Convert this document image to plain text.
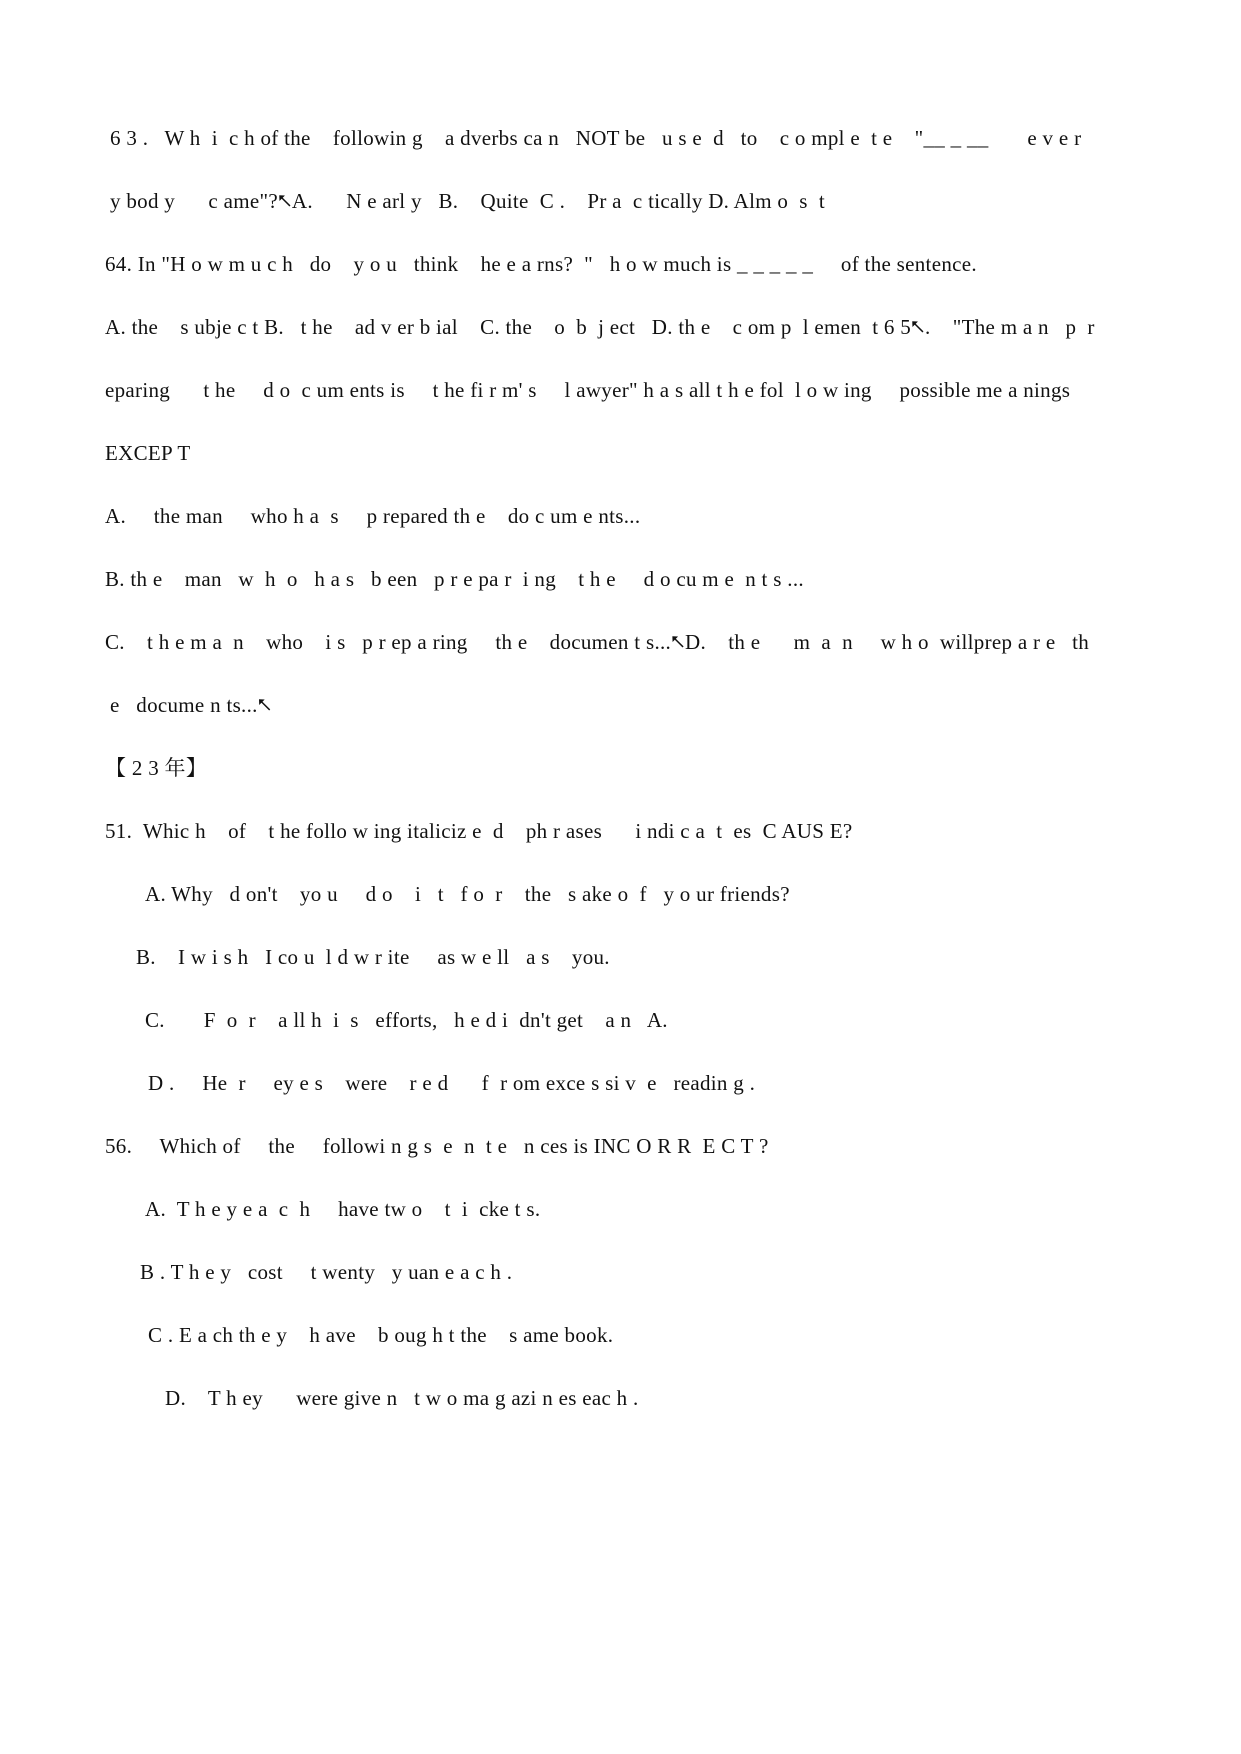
6 3 .   W h  i  c h of the    followin g    a dverbs ca n   NOT be   u s e  d   to    c o mpl e  t e    "__ _ __       e v e r
y bod y      c ame"?⭦A.      N e arl y   B.    Quite  C .    Pr a  c tically D. Alm o  s  t
64. In "H o w m u c h   do    y o u   think    he e a rns?  "   h o w much is _ _ _ _ _     of the sentence.
A. the    s ubje c t B.   t he    ad v er b ial    C. the    o  b  j ect   D. th e    c om p  l emen  t 6 5⭦.    "The m a n   p  r
eparing      t he     d o  c um ents is     t he fi r m' s     l awyer" h a s all t h e fol  l o w ing     possible me a nings
EXCEP T
A.     the man     who h a  s     p repared th e    do c um e nts...
B. th e    man   w  h  o   h a s   b een   p r e pa r  i ng    t h e     d o cu m e  n t s ...
C.    t h e m a  n    who    i s   p r ep a ring     th e    documen t s...⭦D.    th e      m  a  n     w h o  willprep a r e   th
e   docume n ts...⭦
【 2 3 年】
51.  Whic h    of    t he follo w ing italiciz e  d    ph r ases      i ndi c a  t  es  C AUS E?
A. Why   d on't    yo u     d o    i   t   f o  r    the   s ake o  f   y o ur friends?
B.    I w i s h   I co u  l d w r ite     as w e ll   a s    you.
C.       F  o  r    a ll h  i  s   efforts,   h e d i  dn't get    a n   A.
D .     He  r     ey e s    were    r e d      f  r om exce s si v  e   readin g .
56.     Which of     the     followi n g s  e  n  t e   n ces is INC O R R  E C T ?
A.  T h e y e a  c  h     have tw o    t  i  cke t s.
B . T h e y   cost     t wenty   y uan e a c h .
C . E a ch th e y    h ave    b oug h t the    s ame book.
D.    T h ey      were give n   t w o ma g azi n es eac h .
